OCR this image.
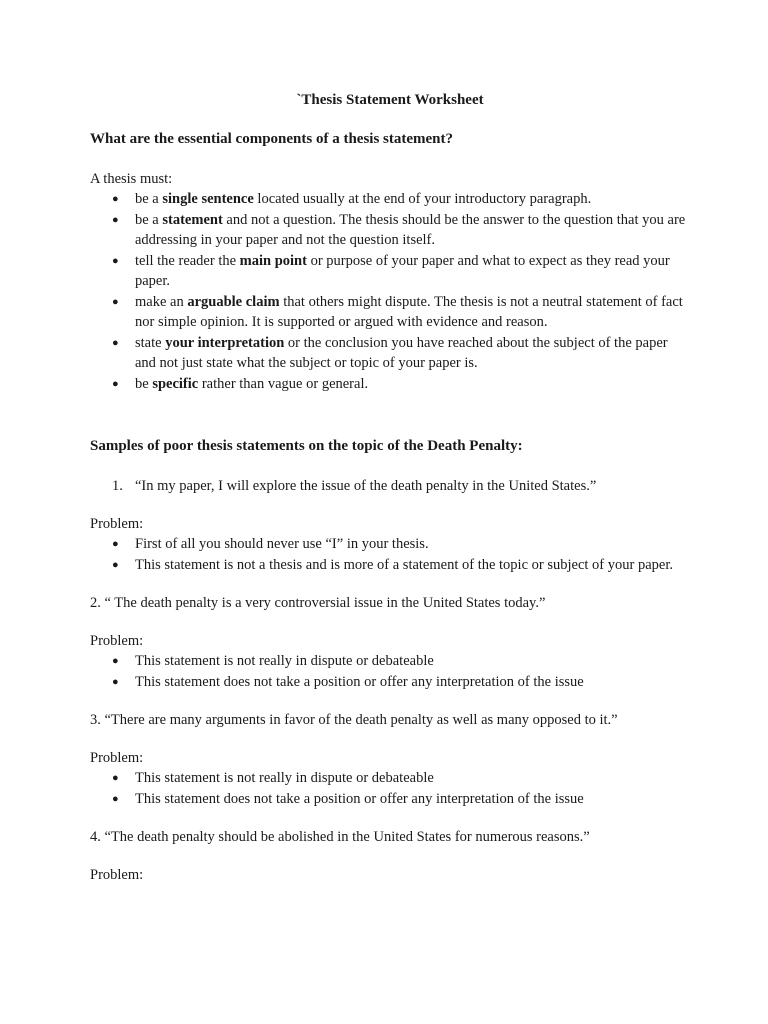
`Thesis Statement Worksheet

What are the essential components of a thesis statement?

A thesis must:

● be a single sentence located usually at the end of your introductory paragraph.
● be a statement and not a question. The thesis should be the answer to the question that you are addressing in your paper and not the question itself.
● tell the reader the main point or purpose of your paper and what to expect as they read your paper.
● make an arguable claim that others might dispute. The thesis is not a neutral statement of fact nor simple opinion. It is supported or argued with evidence and reason.
● state your interpretation or the conclusion you have reached about the subject of the paper and not just state what the subject or topic of your paper is.
● be specific rather than vague or general.

Samples of poor thesis statements on the topic of the Death Penalty:

1. “In my paper, I will explore the issue of the death penalty in the United States.”

Problem:

● First of all you should never use “I” in your thesis.
● This statement is not a thesis and is more of a statement of the topic or subject of your paper.

2. “ The death penalty is a very controversial issue in the United States today.”

Problem:

● This statement is not really in dispute or debateable
● This statement does not take a position or offer any interpretation of the issue

3. “There are many arguments in favor of the death penalty as well as many opposed to it.”

Problem:

● This statement is not really in dispute or debateable
● This statement does not take a position or offer any interpretation of the issue

4. “The death penalty should be abolished in the United States for numerous reasons.”

Problem:
